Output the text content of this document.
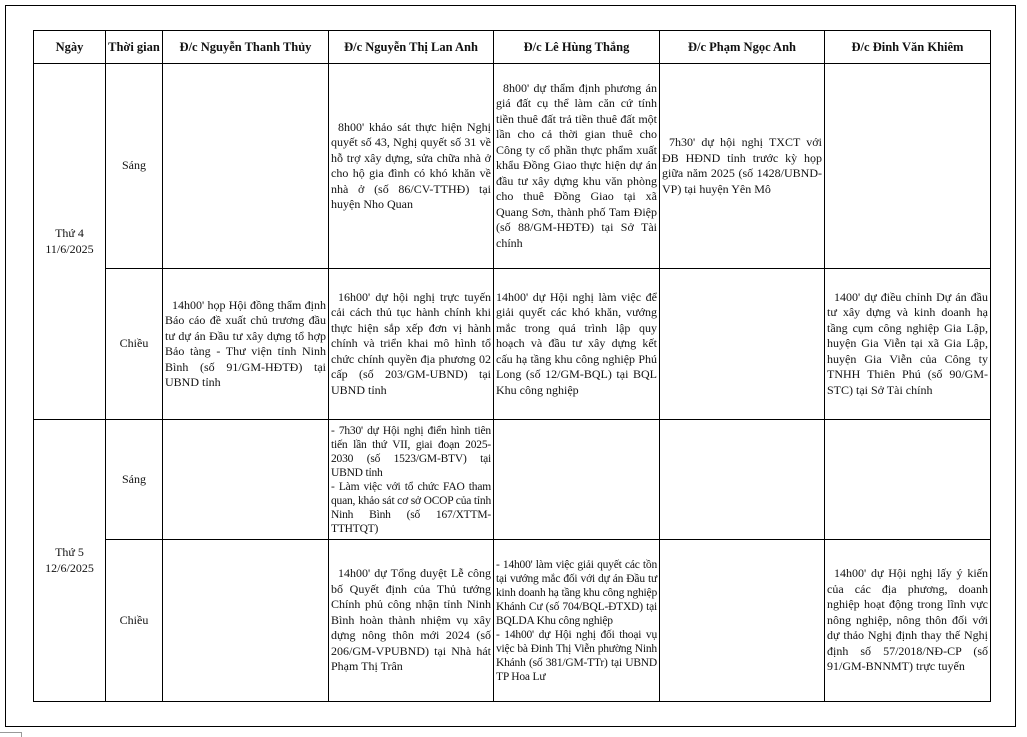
Ngày	Thời gian	Đ/c Nguyễn Thanh Thủy	Đ/c Nguyễn Thị Lan Anh	Đ/c Lê Hùng Thắng	Đ/c Phạm Ngọc Anh	Đ/c Đinh Văn Khiêm
Thứ 4 11/6/2025	Sáng		8h00' khảo sát thực hiện Nghị quyết số 43, Nghị quyết số 31 về hỗ trợ xây dựng, sửa chữa nhà ở cho hộ gia đình có khó khăn về nhà ở (số 86/CV-TTHĐ) tại huyện Nho Quan	8h00' dự thẩm định phương án giá đất cụ thể làm căn cứ tính tiền thuê đất trả tiền thuê đất một lần cho cả thời gian thuê cho Công ty cổ phần thực phẩm xuất khẩu Đồng Giao thực hiện dự án đầu tư xây dựng khu văn phòng cho thuê Đồng Giao tại xã Quang Sơn, thành phố Tam Điệp (số 88/GM-HĐTĐ) tại Sở Tài chính	7h30' dự hội nghị TXCT với ĐB HĐND tỉnh trước kỳ họp giữa năm 2025 (số 1428/UBND-VP) tại huyện Yên Mô	
	Chiều	14h00' họp Hội đồng thẩm định Báo cáo đề xuất chủ trương đầu tư dự án Đầu tư xây dựng tổ hợp Bảo tàng - Thư viện tỉnh Ninh Bình (số 91/GM-HĐTĐ) tại UBND tỉnh	16h00' dự hội nghị trực tuyến cải cách thủ tục hành chính khi thực hiện sắp xếp đơn vị hành chính và triển khai mô hình tổ chức chính quyền địa phương 02 cấp (số 203/GM-UBND) tại UBND tỉnh	14h00' dự Hội nghị làm việc để giải quyết các khó khăn, vướng mắc trong quá trình lập quy hoạch và đầu tư xây dựng kết cấu hạ tầng khu công nghiệp Phú Long (số 12/GM-BQL) tại BQL Khu công nghiệp		1400' dự điều chỉnh Dự án đầu tư xây dựng và kinh doanh hạ tầng cụm công nghiệp Gia Lập, huyện Gia Viễn tại xã Gia Lập, huyện Gia Viễn của Công ty TNHH Thiên Phú (số 90/GM-STC) tại Sở Tài chính
Thứ 5 12/6/2025	Sáng		- 7h30' dự Hội nghị điển hình tiên tiến lần thứ VII, giai đoạn 2025-2030 (số 1523/GM-BTV) tại UBND tỉnh
- Làm việc với tổ chức FAO tham quan, khảo sát cơ sở OCOP của tỉnh Ninh Bình (số 167/XTTM-TTHTQT)			
	Chiều		14h00' dự Tổng duyệt Lễ công bố Quyết định của Thủ tướng Chính phủ công nhận tỉnh Ninh Bình hoàn thành nhiệm vụ xây dựng nông thôn mới 2024 (số 206/GM-VPUBND) tại Nhà hát Phạm Thị Trân	- 14h00' làm việc giải quyết các tồn tại vướng mắc đối với dự án Đầu tư kinh doanh hạ tầng khu công nghiệp Khánh Cư (số 704/BQL-ĐTXD) tại BQLDA Khu công nghiệp
- 14h00' dự Hội nghị đối thoại vụ việc bà Đinh Thị Viễn phường Ninh Khánh (số 381/GM-TTr) tại UBND TP Hoa Lư		14h00' dự Hội nghị lấy ý kiến của các địa phương, doanh nghiệp hoạt động trong lĩnh vực nông nghiệp, nông thôn đối với dự thảo Nghị định thay thế Nghị định số 57/2018/NĐ-CP (số 91/GM-BNNMT) trực tuyến
